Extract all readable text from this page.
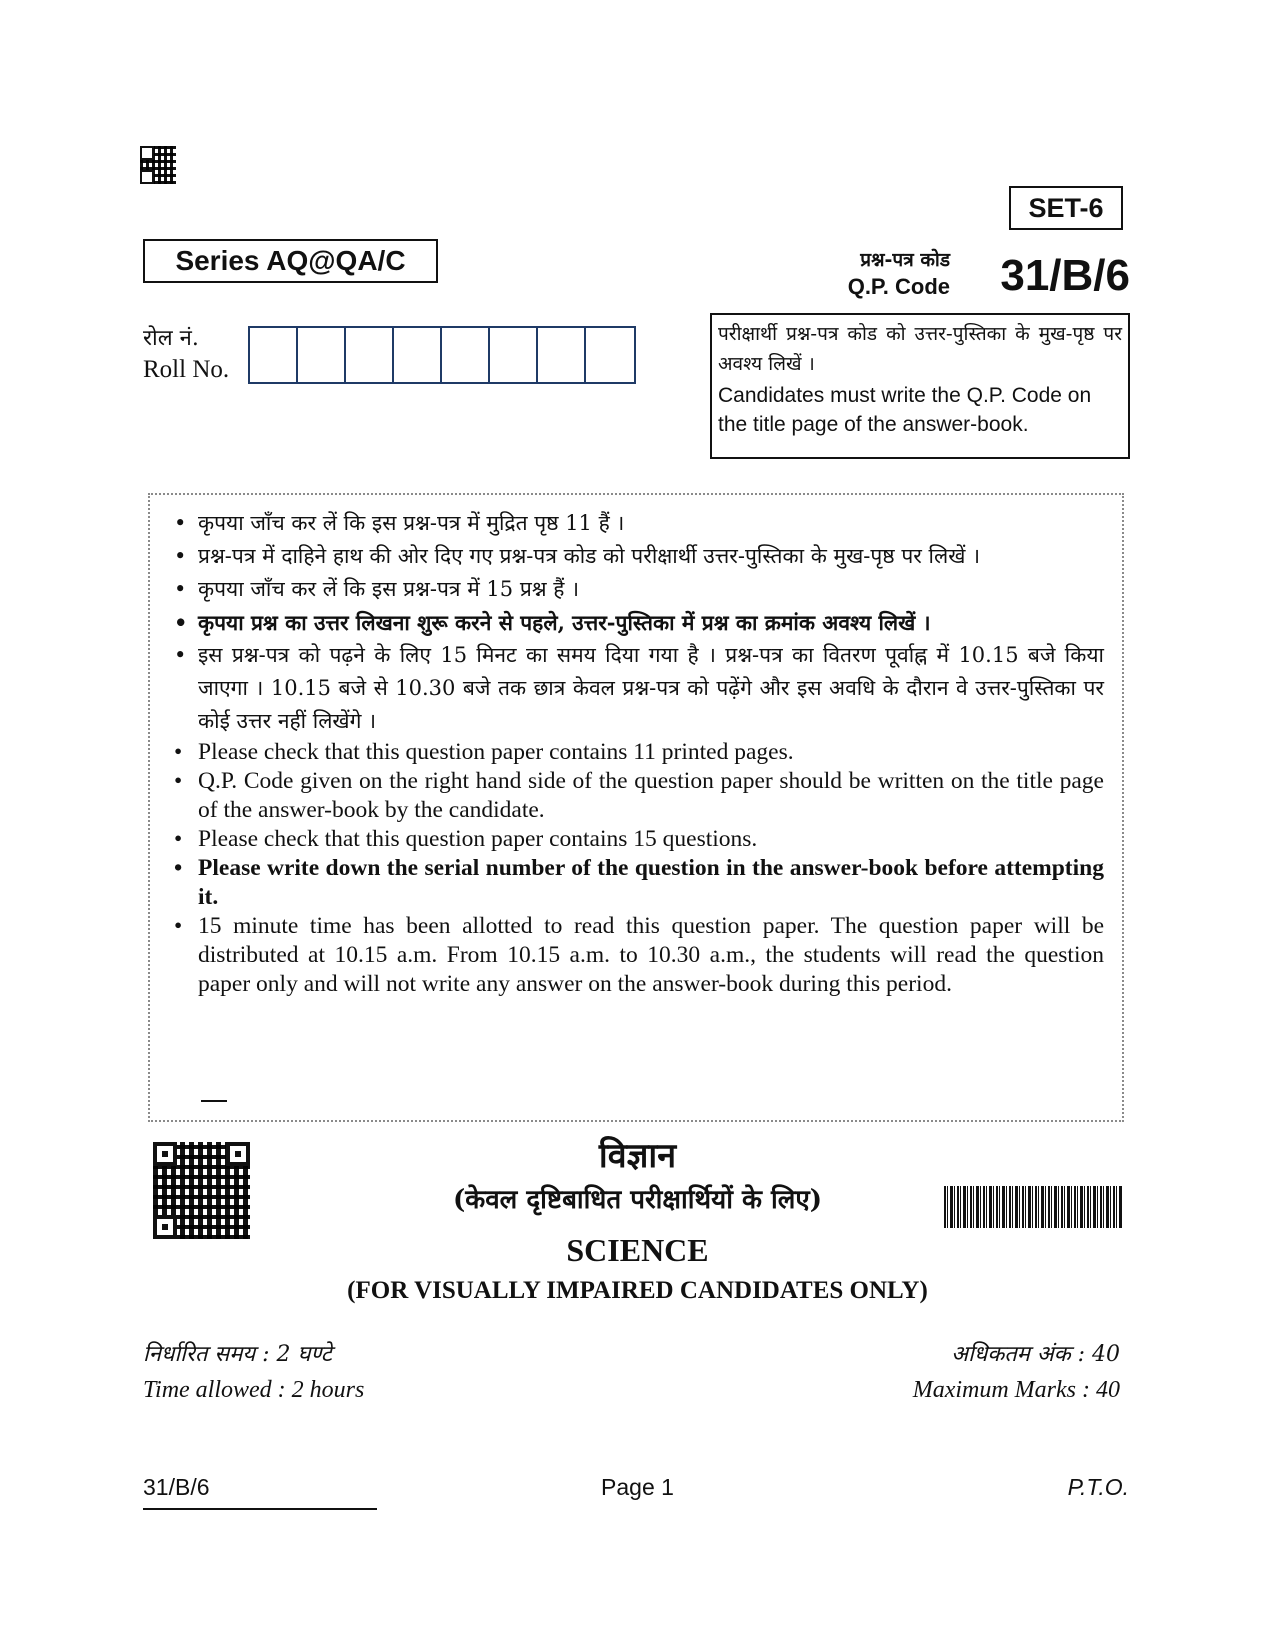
SET-6
Series AQ@QA/C	प्रश्न-पत्र कोड
Q.P. Code	31/B/6
रोल नं.
Roll No.
परीक्षार्थी प्रश्न-पत्र कोड को उत्तर-पुस्तिका के मुख-पृष्ठ पर अवश्य लिखें ।
Candidates must write the Q.P. Code on the title page of the answer-book.
• कृपया जाँच कर लें कि इस प्रश्न-पत्र में मुद्रित पृष्ठ 11 हैं ।
• प्रश्न-पत्र में दाहिने हाथ की ओर दिए गए प्रश्न-पत्र कोड को परीक्षार्थी उत्तर-पुस्तिका के मुख-पृष्ठ पर लिखें ।
• कृपया जाँच कर लें कि इस प्रश्न-पत्र में 15 प्रश्न हैं ।
• कृपया प्रश्न का उत्तर लिखना शुरू करने से पहले, उत्तर-पुस्तिका में प्रश्न का क्रमांक अवश्य लिखें ।
• इस प्रश्न-पत्र को पढ़ने के लिए 15 मिनट का समय दिया गया है । प्रश्न-पत्र का वितरण पूर्वाह्न में 10.15 बजे किया जाएगा । 10.15 बजे से 10.30 बजे तक छात्र केवल प्रश्न-पत्र को पढ़ेंगे और इस अवधि के दौरान वे उत्तर-पुस्तिका पर कोई उत्तर नहीं लिखेंगे ।
• Please check that this question paper contains 11 printed pages.
• Q.P. Code given on the right hand side of the question paper should be written on the title page of the answer-book by the candidate.
• Please check that this question paper contains 15 questions.
• Please write down the serial number of the question in the answer-book before attempting it.
• 15 minute time has been allotted to read this question paper. The question paper will be distributed at 10.15 a.m. From 10.15 a.m. to 10.30 a.m., the students will read the question paper only and will not write any answer on the answer-book during this period.
विज्ञान
(केवल दृष्टिबाधित परीक्षार्थियों के लिए)
SCIENCE
(FOR VISUALLY IMPAIRED CANDIDATES ONLY)
निर्धारित समय : 2 घण्टे
Time allowed : 2 hours
अधिकतम अंक : 40
Maximum Marks : 40
31/B/6	Page 1	P.T.O.
